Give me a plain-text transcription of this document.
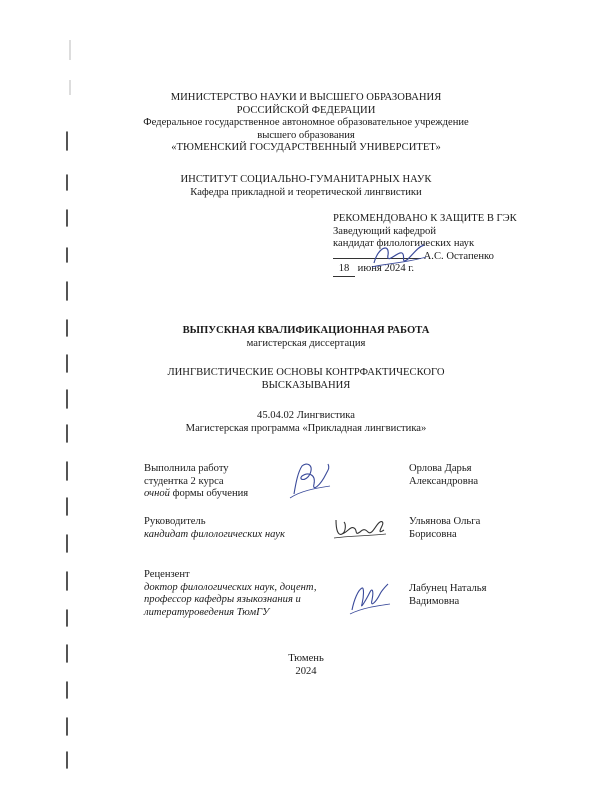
МИНИСТЕРСТВО НАУКИ И ВЫСШЕГО ОБРАЗОВАНИЯ
РОССИЙСКОЙ ФЕДЕРАЦИИ
Федеральное государственное автономное образовательное учреждение
высшего образования
«ТЮМЕНСКИЙ ГОСУДАРСТВЕННЫЙ УНИВЕРСИТЕТ»
ИНСТИТУТ СОЦИАЛЬНО-ГУМАНИТАРНЫХ НАУК
Кафедра прикладной и теоретической лингвистики
РЕКОМЕНДОВАНО К ЗАЩИТЕ В ГЭК
Заведующий кафедрой
кандидат филологических наук
А.С. Остапенко
18 июня 2024 г.
ВЫПУСКНАЯ КВАЛИФИКАЦИОННАЯ РАБОТА
магистерская диссертация
ЛИНГВИСТИЧЕСКИЕ ОСНОВЫ КОНТРФАКТИЧЕСКОГО
ВЫСКАЗЫВАНИЯ
45.04.02 Лингвистика
Магистерская программа «Прикладная лингвистика»
Выполнила работу
студентка 2 курса
очной формы обучения
Орлова Дарья
Александровна
Руководитель
кандидат филологических наук
Ульянова Ольга
Борисовна
Рецензент
доктор филологических наук, доцент,
профессор кафедры языкознания и
литературоведения ТюмГУ
Лабунец Наталья
Вадимовна
Тюмень
2024
